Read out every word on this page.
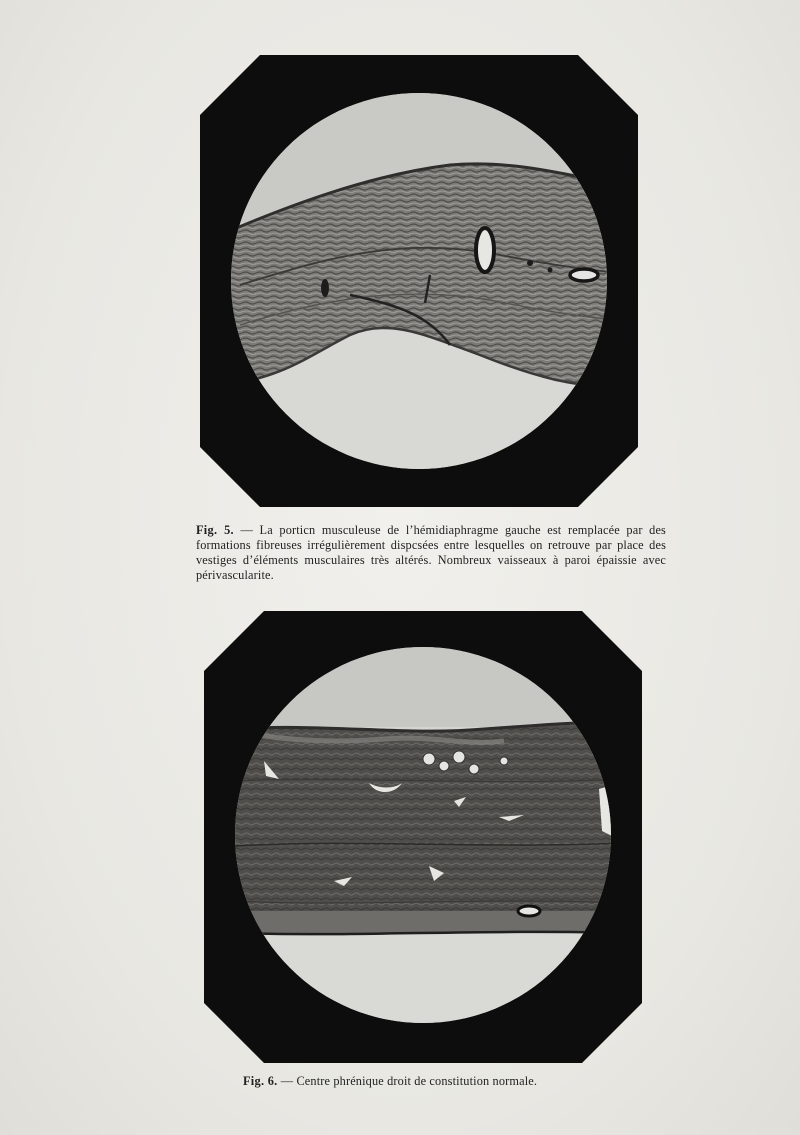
Fig. 5. — La porticn musculeuse de l’hémidiaphragme gauche est remplacée par des formations fibreuses irrégulièrement dispcsées entre lesquelles on retrouve par place des vestiges d’éléments musculaires très altérés. Nombreux vaisseaux à paroi épaissie avec périvascularite.
Fig. 6. — Centre phrénique droit de constitution normale.
